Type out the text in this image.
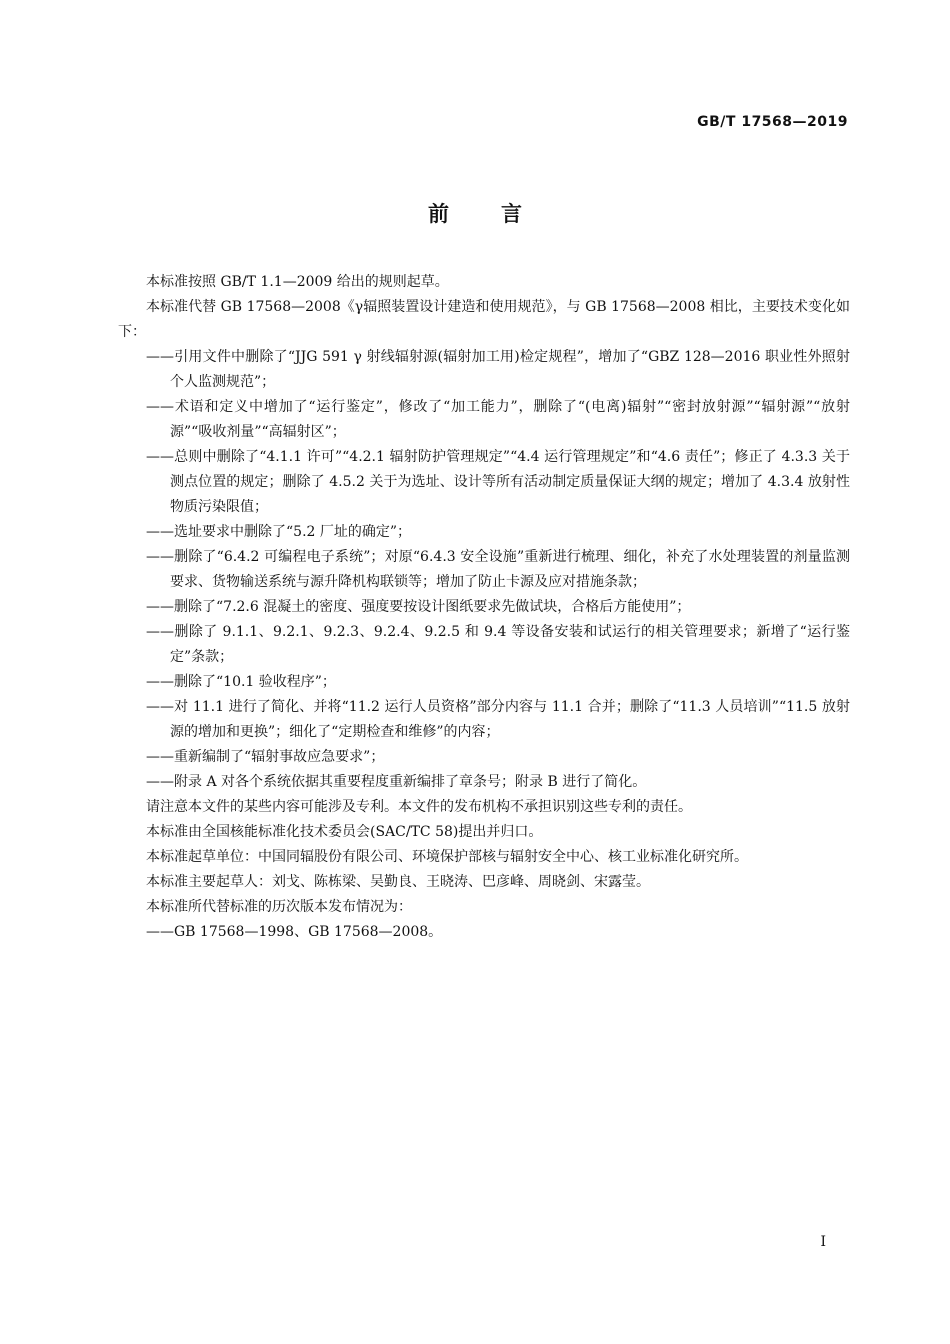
GB/T 17568—2019
前言

本标准按照 GB/T 1.1—2009 给出的规则起草。

本标准代替 GB 17568—2008《γ辐照装置设计建造和使用规范》，与 GB 17568—2008 相比，主要技术变化如下：

——引用文件中删除了“JJG 591 γ 射线辐射源(辐射加工用)检定规程”，增加了“GBZ 128—2016 职业性外照射个人监测规范”；

——术语和定义中增加了“运行鉴定”，修改了“加工能力”，删除了“(电离)辐射”“密封放射源”“辐射源”“放射源”“吸收剂量”“高辐射区”；

——总则中删除了“4.1.1 许可”“4.2.1 辐射防护管理规定”“4.4 运行管理规定”和“4.6 责任”；修正了 4.3.3 关于测点位置的规定；删除了 4.5.2 关于为选址、设计等所有活动制定质量保证大纲的规定；增加了 4.3.4 放射性物质污染限值；

——选址要求中删除了“5.2 厂址的确定”；

——删除了“6.4.2 可编程电子系统”；对原“6.4.3 安全设施”重新进行梳理、细化，补充了水处理装置的剂量监测要求、货物输送系统与源升降机构联锁等；增加了防止卡源及应对措施条款；

——删除了“7.2.6 混凝土的密度、强度要按设计图纸要求先做试块，合格后方能使用”；

——删除了 9.1.1、9.2.1、9.2.3、9.2.4、9.2.5 和 9.4 等设备安装和试运行的相关管理要求；新增了“运行鉴定”条款；

——删除了“10.1 验收程序”；

——对 11.1 进行了简化、并将“11.2 运行人员资格”部分内容与 11.1 合并；删除了“11.3 人员培训”“11.5 放射源的增加和更换”；细化了“定期检查和维修”的内容；

——重新编制了“辐射事故应急要求”；

——附录 A 对各个系统依据其重要程度重新编排了章条号；附录 B 进行了简化。

请注意本文件的某些内容可能涉及专利。本文件的发布机构不承担识别这些专利的责任。

本标准由全国核能标准化技术委员会(SAC/TC 58)提出并归口。

本标准起草单位：中国同辐股份有限公司、环境保护部核与辐射安全中心、核工业标准化研究所。

本标准主要起草人：刘戈、陈栋梁、吴勤良、王晓涛、巴彦峰、周晓剑、宋露莹。

本标准所代替标准的历次版本发布情况为：

——GB 17568—1998、GB 17568—2008。

I
